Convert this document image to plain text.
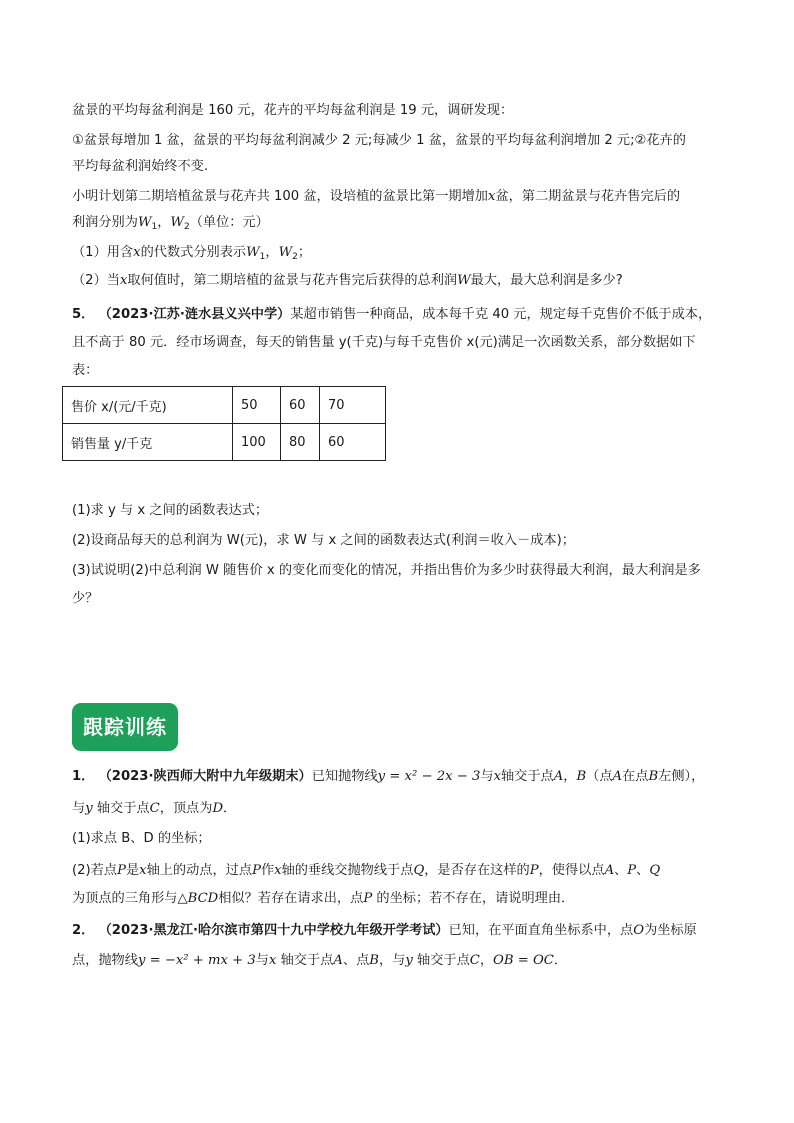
盆景的平均每盆利润是 160 元，花卉的平均每盆利润是 19 元，调研发现：
①盆景每增加 1 盆，盆景的平均每盆利润减少 2 元;每减少 1 盆，盆景的平均每盆利润增加 2 元;②花卉的
平均每盆利润始终不变.
小明计划第二期培植盆景与花卉共 100 盆，设培植的盆景比第一期增加x盆，第二期盆景与花卉售完后的
利润分别为$W_1$，$W_2$（单位：元）
（1）用含x的代数式分别表示$W_1$，$W_2$；
（2）当x取何值时，第二期培植的盆景与花卉售完后获得的总利润W最大，最大总利润是多少?
5． （2023·江苏·涟水县义兴中学）某超市销售一种商品，成本每千克 40 元，规定每千克售价不低于成本，
且不高于 80 元．经市场调查，每天的销售量 y(千克)与每千克售价 x(元)满足一次函数关系，部分数据如下
表：
售价 x/(元/千克)	50	60	70
销售量 y/千克	100	80	60
(1)求 y 与 x 之间的函数表达式；
(2)设商品每天的总利润为 W(元)，求 W 与 x 之间的函数表达式(利润＝收入－成本)；
(3)试说明(2)中总利润 W 随售价 x 的变化而变化的情况，并指出售价为多少时获得最大利润，最大利润是多
少？
跟踪训练
1． （2023·陕西师大附中九年级期末）已知抛物线y = x² − 2x − 3与x轴交于点A，B（点A在点B左侧），
与y 轴交于点C，顶点为D．
(1)求点 B、D 的坐标；
(2)若点P是x轴上的动点，过点P作x轴的垂线交抛物线于点Q，是否存在这样的P，使得以点A、P、Q
为顶点的三角形与△BCD相似？若存在请求出，点P 的坐标；若不存在，请说明理由．
2． （2023·黑龙江·哈尔滨市第四十九中学校九年级开学考试）已知，在平面直角坐标系中，点O为坐标原
点，抛物线y = −x² + mx + 3与x 轴交于点A、点B，与y 轴交于点C，OB = OC．
